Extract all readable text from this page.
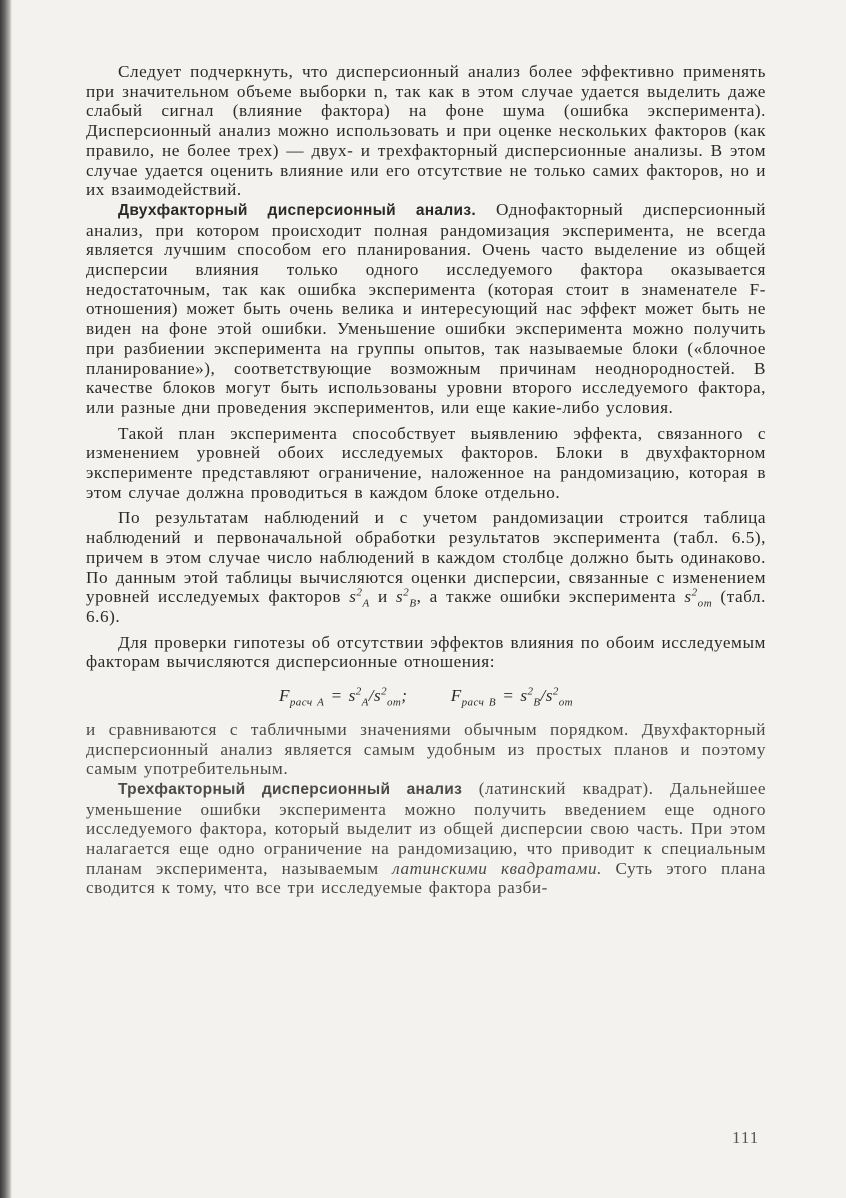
Следует подчеркнуть, что дисперсионный анализ более эффективно применять при значительном объеме выборки n, так как в этом случае удается выделить даже слабый сигнал (влияние фактора) на фоне шума (ошибка эксперимента). Дисперсионный анализ можно использовать и при оценке нескольких факторов (как правило, не более трех) — двух- и трехфакторный дисперсионные анализы. В этом случае удается оценить влияние или его отсутствие не только самих факторов, но и их взаимодействий.

Двухфакторный дисперсионный анализ. Однофакторный дисперсионный анализ, при котором происходит полная рандомизация эксперимента, не всегда является лучшим способом его планирования. Очень часто выделение из общей дисперсии влияния только одного исследуемого фактора оказывается недостаточным, так как ошибка эксперимента (которая стоит в знаменателе F-отношения) может быть очень велика и интересующий нас эффект может быть не виден на фоне этой ошибки. Уменьшение ошибки эксперимента можно получить при разбиении эксперимента на группы опытов, так называемые блоки («блочное планирование»), соответствующие возможным причинам неоднородностей. В качестве блоков могут быть использованы уровни второго исследуемого фактора, или разные дни проведения экспериментов, или еще какие-либо условия.

Такой план эксперимента способствует выявлению эффекта, связанного с изменением уровней обоих исследуемых факторов. Блоки в двухфакторном эксперименте представляют ограничение, наложенное на рандомизацию, которая в этом случае должна проводиться в каждом блоке отдельно.

По результатам наблюдений и с учетом рандомизации строится таблица наблюдений и первоначальной обработки результатов эксперимента (табл. 6.5), причем в этом случае число наблюдений в каждом столбце должно быть одинаково. По данным этой таблицы вычисляются оценки дисперсии, связанные с изменением уровней исследуемых факторов $s^2_A$ и $s^2_B$, а также ошибки эксперимента $s^2_{от}$ (табл. 6.6).

Для проверки гипотезы об отсутствии эффектов влияния по обоим исследуемым факторам вычисляются дисперсионные отношения:

$F_{расч A} = s^2_A/s^2_{от}$;	$F_{расч B} = s^2_B/s^2_{от}$

и сравниваются с табличными значениями обычным порядком. Двухфакторный дисперсионный анализ является самым удобным из простых планов и поэтому самым употребительным.

Трехфакторный дисперсионный анализ (латинский квадрат). Дальнейшее уменьшение ошибки эксперимента можно получить введением еще одного исследуемого фактора, который выделит из общей дисперсии свою часть. При этом налагается еще одно ограничение на рандомизацию, что приводит к специальным планам эксперимента, называемым латинскими квадратами. Суть этого плана сводится к тому, что все три исследуемые фактора разби-

111
